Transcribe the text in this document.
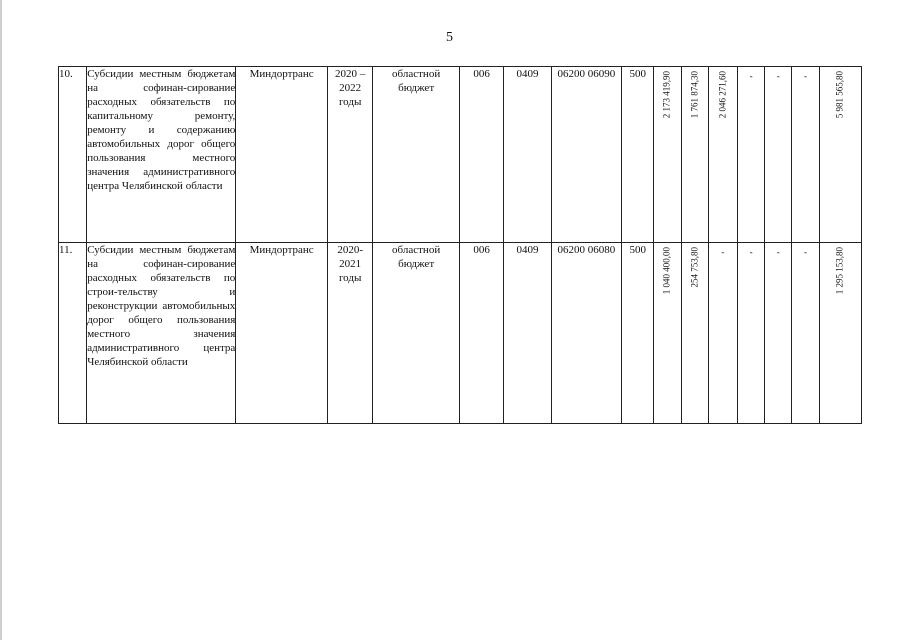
5
10.	Субсидии местным бюджетам на софинан-сирование расходных обязательств по капитальному ремонту, ремонту и содержанию автомобильных дорог общего пользования местного значения административного центра Челябинской области	Миндортранс	2020 – 2022 годы	областной бюджет	006	0409	06200 06090	500	2 173 419,90	1 761 874,30	2 046 271,60	-	-	-	5 981 565,80

11.	Субсидии местным бюджетам на софинан-сирование расходных обязательств по строи-тельству и реконструкции автомобильных дорог общего пользования местного значения административного центра Челябинской области	Миндортранс	2020-2021 годы	областной бюджет	006	0409	06200 06080	500	1 040 400,00	254 753,80	-	-	-	-	1 295 153,80
